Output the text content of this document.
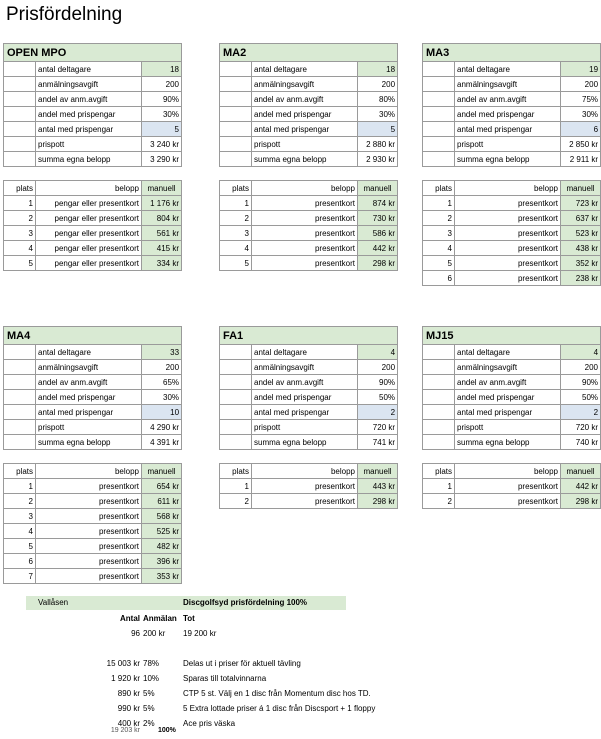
Prisfördelning
OPEN MPO		
	antal deltagare	18
	anmälningsavgift	200
	andel av anm.avgift	90%
	andel med prispengar	30%
	antal med prispengar	5
	prispott	3 240 kr
	summa egna belopp	3 290 kr
plats	belopp	manuell
1	pengar eller presentkort	1 176 kr
2	pengar eller presentkort	804 kr
3	pengar eller presentkort	561 kr
4	pengar eller presentkort	415 kr
5	pengar eller presentkort	334 kr
MA2		
	antal deltagare	18
	anmälningsavgift	200
	andel av anm.avgift	80%
	andel med prispengar	30%
	antal med prispengar	5
	prispott	2 880 kr
	summa egna belopp	2 930 kr
plats	belopp	manuell
1	presentkort	874 kr
2	presentkort	730 kr
3	presentkort	586 kr
4	presentkort	442 kr
5	presentkort	298 kr
MA3		
	antal deltagare	19
	anmälningsavgift	200
	andel av anm.avgift	75%
	andel med prispengar	30%
	antal med prispengar	6
	prispott	2 850 kr
	summa egna belopp	2 911 kr
plats	belopp	manuell
1	presentkort	723 kr
2	presentkort	637 kr
3	presentkort	523 kr
4	presentkort	438 kr
5	presentkort	352 kr
6	presentkort	238 kr
MA4		
	antal deltagare	33
	anmälningsavgift	200
	andel av anm.avgift	65%
	andel med prispengar	30%
	antal med prispengar	10
	prispott	4 290 kr
	summa egna belopp	4 391 kr
plats	belopp	manuell
1	presentkort	654 kr
2	presentkort	611 kr
3	presentkort	568 kr
4	presentkort	525 kr
5	presentkort	482 kr
6	presentkort	396 kr
7	presentkort	353 kr
FA1		
	antal deltagare	4
	anmälningsavgift	200
	andel av anm.avgift	90%
	andel med prispengar	50%
	antal med prispengar	2
	prispott	720 kr
	summa egna belopp	741 kr
plats	belopp	manuell
1	presentkort	443 kr
2	presentkort	298 kr
MJ15		
	antal deltagare	4
	anmälningsavgift	200
	andel av anm.avgift	90%
	andel med prispengar	50%
	antal med prispengar	2
	prispott	720 kr
	summa egna belopp	740 kr
plats	belopp	manuell
1	presentkort	442 kr
2	presentkort	298 kr
Vallåsen	Discgolfsyd prisfördelning 100%
Antal Anmälan Tot
96 200 kr 19 200 kr
15 003 kr 78%	Delas ut i priser för aktuell tävling
1 920 kr 10%	Sparas till totalvinnarna
890 kr 5%	CTP 5 st. Välj en 1 disc från Momentum disc hos TD.
990 kr 5%	5 Extra lottade priser á 1 disc från Discsport + 1 floppy
400 kr 2%	Ace pris väska
19 203 kr	100%
